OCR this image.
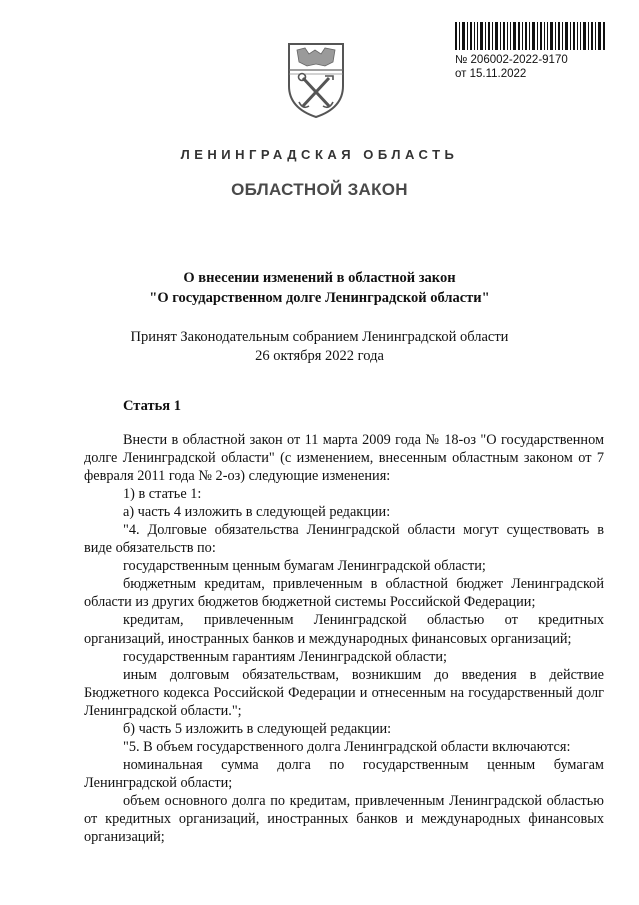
№ 206002-2022-9170
от 15.11.2022
ЛЕНИНГРАДСКАЯ ОБЛАСТЬ
ОБЛАСТНОЙ ЗАКОН
О внесении изменений в областной закон
"О государственном долге Ленинградской области"
Принят Законодательным собранием Ленинградской области
26 октября 2022 года
Статья 1

Внести в областной закон от 11 марта 2009 года № 18-оз "О государственном долге Ленинградской области" (с изменением, внесенным областным законом от 7 февраля 2011 года № 2-оз) следующие изменения:

1) в статье 1:

а) часть 4 изложить в следующей редакции:

"4. Долговые обязательства Ленинградской области могут существовать в виде обязательств по:

государственным ценным бумагам Ленинградской области;

бюджетным кредитам, привлеченным в областной бюджет Ленинградской области из других бюджетов бюджетной системы Российской Федерации;

кредитам, привлеченным Ленинградской областью от кредитных организаций, иностранных банков и международных финансовых организаций;

государственным гарантиям Ленинградской области;

иным долговым обязательствам, возникшим до введения в действие Бюджетного кодекса Российской Федерации и отнесенным на государственный долг Ленинградской области.";

б) часть 5 изложить в следующей редакции:

"5. В объем государственного долга Ленинградской области включаются:

номинальная сумма долга по государственным ценным бумагам Ленинградской области;

объем основного долга по кредитам, привлеченным Ленинградской областью от кредитных организаций, иностранных банков и международных финансовых организаций;
